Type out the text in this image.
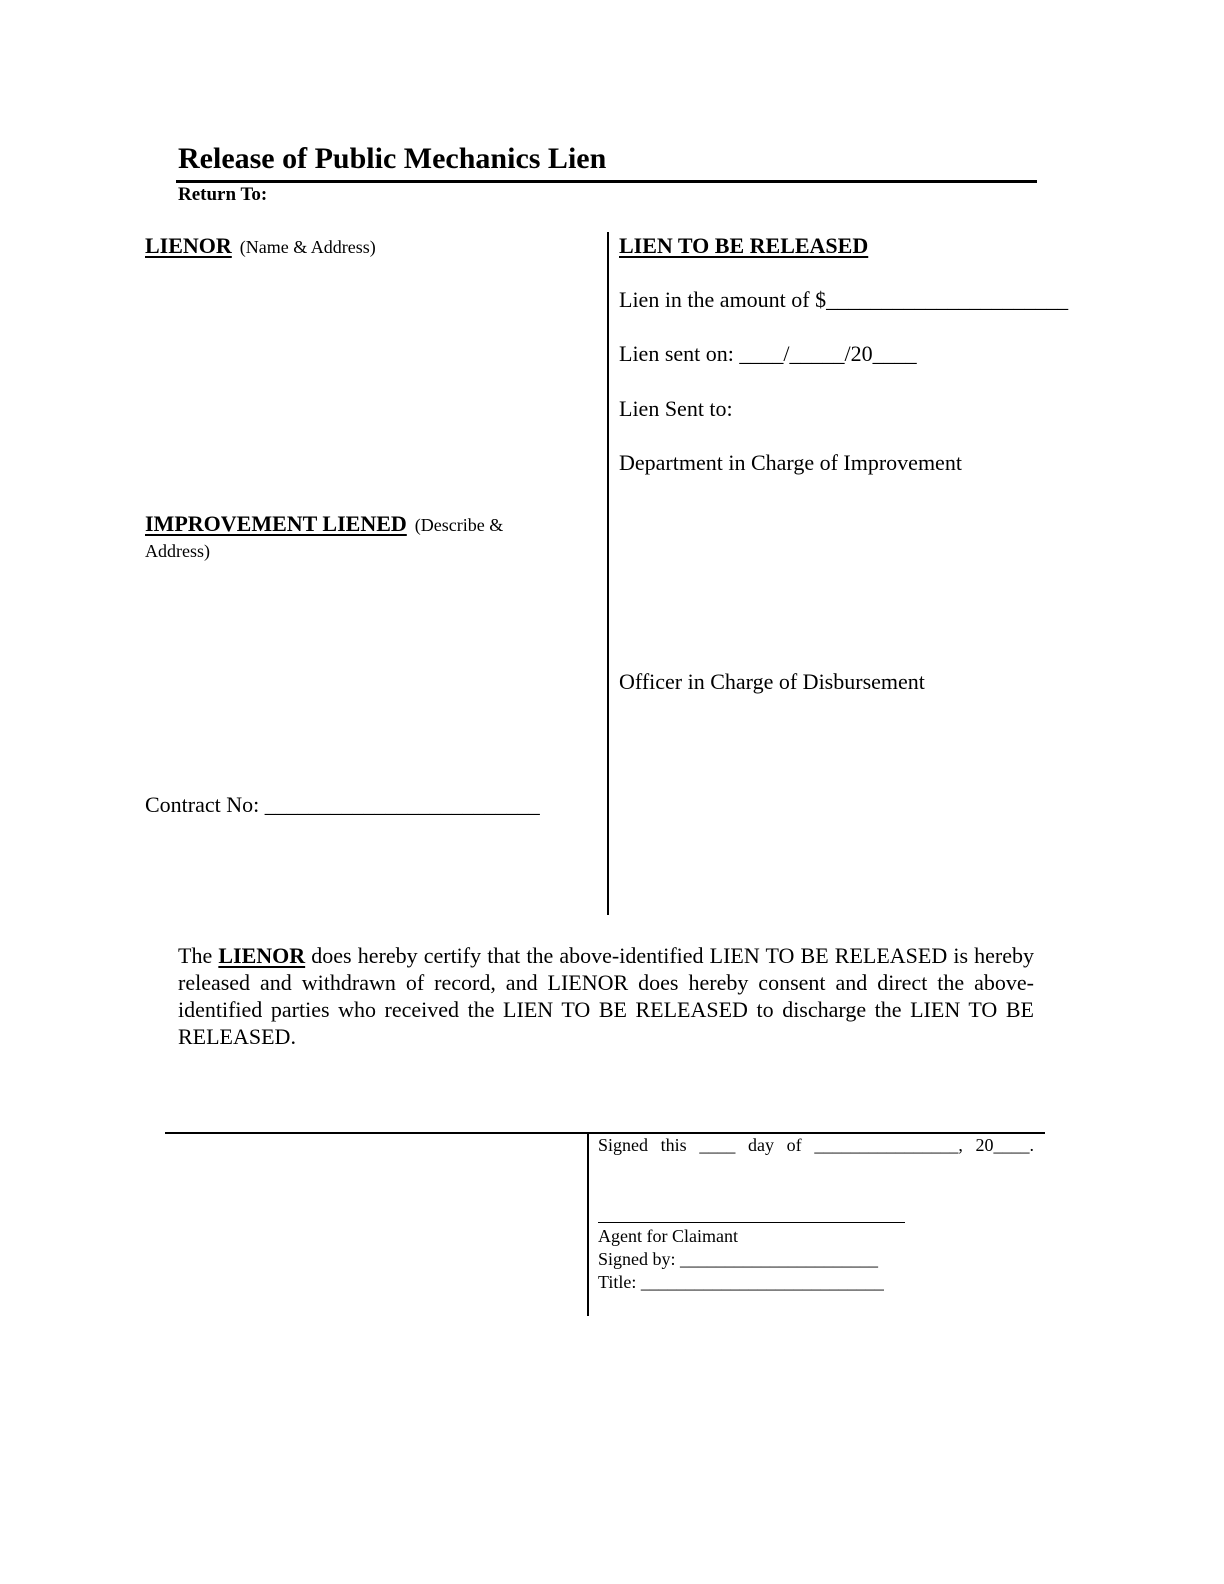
Release of Public Mechanics Lien
Return To:
LIENOR (Name & Address)
IMPROVEMENT LIENED (Describe & Address)
Contract No: _________________________
LIEN TO BE RELEASED
Lien in the amount of $______________________
Lien sent on: ____/_____/20____
Lien Sent to:
Department in Charge of Improvement
Officer in Charge of Disbursement
The LIENOR does hereby certify that the above-identified LIEN TO BE RELEASED is hereby released and withdrawn of record, and LIENOR does hereby consent and direct the above-identified parties who received the LIEN TO BE RELEASED to discharge the LIEN TO BE RELEASED.
Signed this ____ day of ________________, 20____.
Agent for Claimant
Signed by: ______________________
Title: ___________________________
